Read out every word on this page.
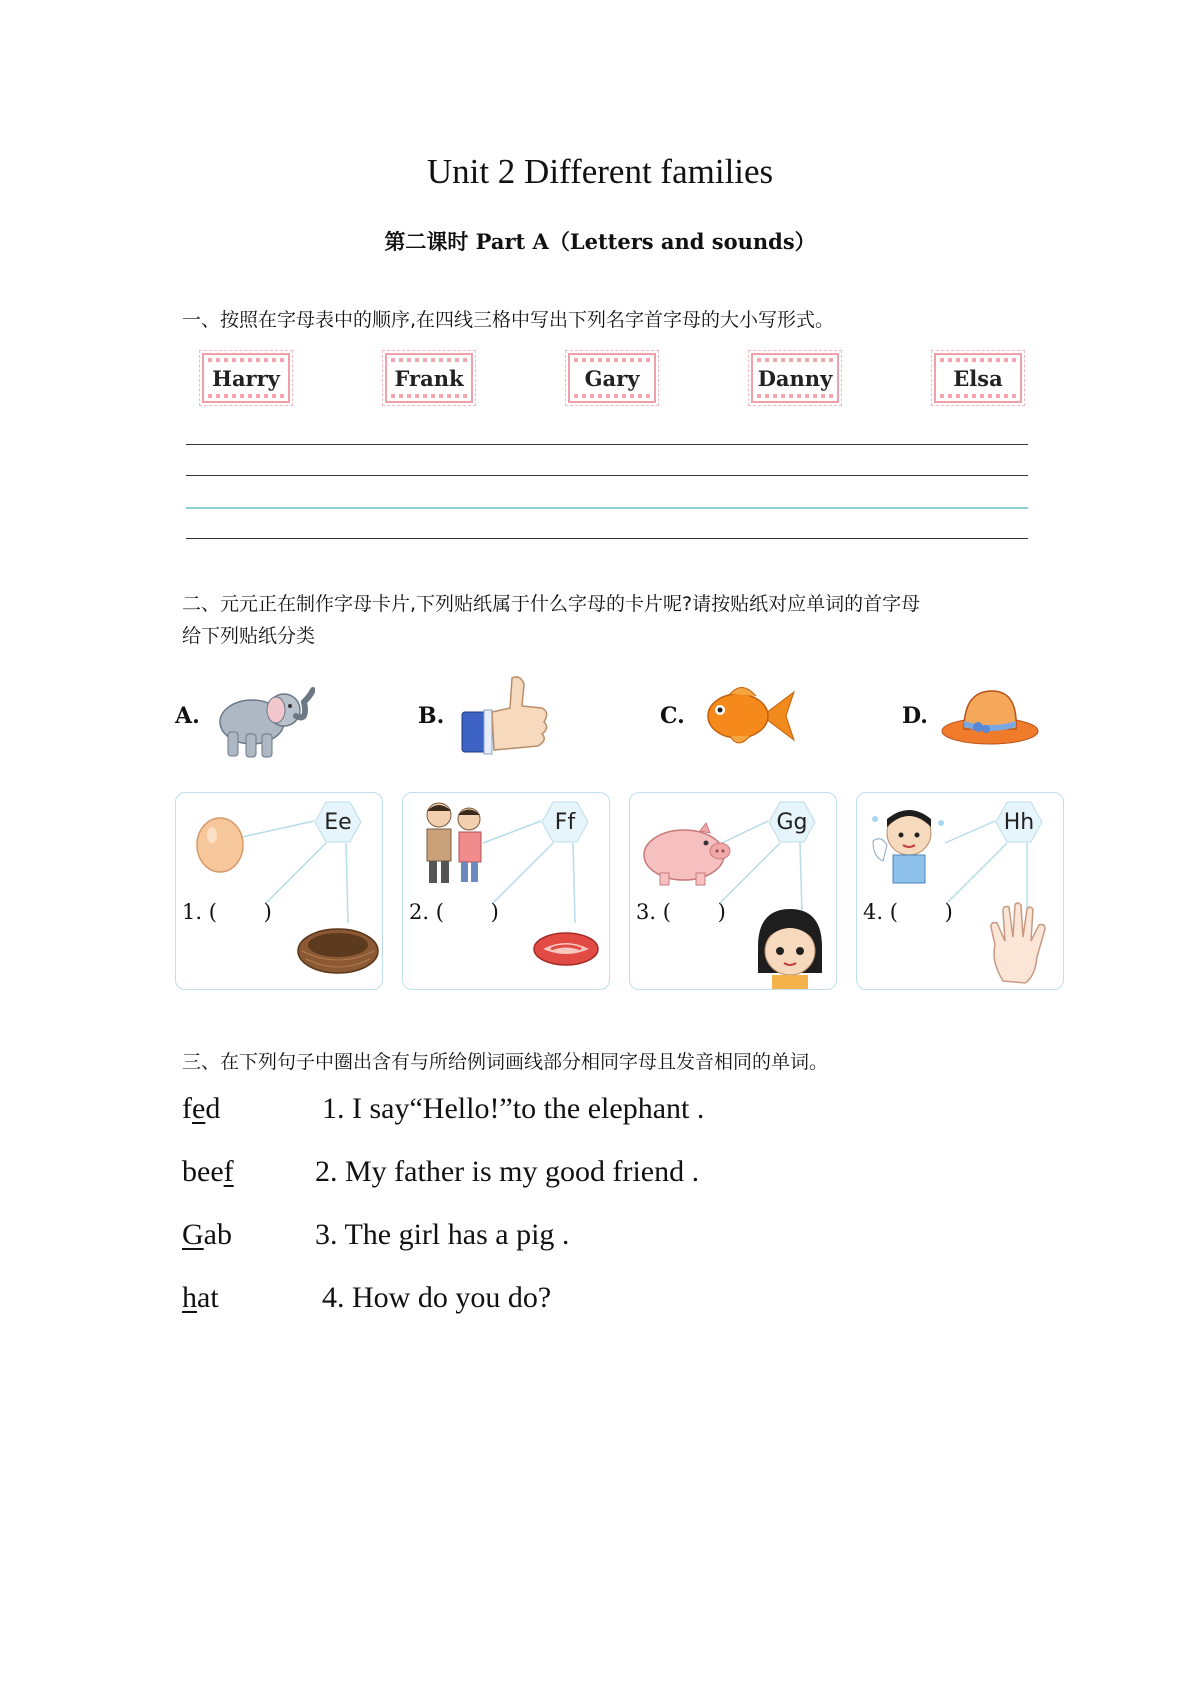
Unit 2 Different families
第二课时 Part A（Letters and sounds）
一、按照在字母表中的顺序,在四线三格中写出下列名字首字母的大小写形式。
Harry	Frank	Gary	Danny	Elsa
二、元元正在制作字母卡片,下列贴纸属于什么字母的卡片呢?请按贴纸对应单词的首字母
给下列贴纸分类
A.	B.	C.	D.
Ee
1. (       )
Ff
2. (       )
Gg
3. (       )
Hh
4. (       )
三、在下列句子中圈出含有与所给例词画线部分相同字母且发音相同的单词。
fed	1. I say“Hello!”to the elephant .
beef	2. My father is my good friend .
Gab	3. The girl has a pig .
hat	4. How do you do?
